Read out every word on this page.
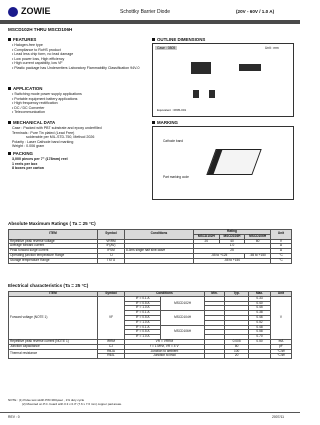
ZOWIE	Schottky Barrier Diode	(20V - 60V / 1.0 A)
MSCD102H THRU MSCD106H
FEATURES
• Halogen-free type
• Compliance to RoHS product
• Lead less chip form, no lead damage
• Low power loss, High efficiency
• High current capability, low VF
• Plastic package has Underwriters Laboratory Flammability Classification 94V-0
APPLICATION
• Switching mode power supply applications
• Portable equipment battery applications
• High frequency rectification
• DC / DC Converter
• Telecommunication
MECHANICAL DATA
Case : Packed with PBT substrate and epoxy underfilled
Terminals : Pure Tin plated (Lead Free)
solderable per MIL-STD-750, Method 2026
Polarity : Laser Cathode band marking
Weight : 0.006 gram
PACKING
3,000 pieces per 7" (178mm) reel
1 reels per box
8 boxes per carton
OUTLINE DIMENSIONS
Case : 0805	Unit : mm
Equivalent : 0805-001
MARKING
Cathode band
Part marking code
Absolute Maximum Ratings ( Ta = 25 °C)
ITEM	Symbol	Conditions	Rating			Unit
			MSCD102H	MSCD104H	MSCD106H	
Repetitive peak reverse voltage	VRRM		20	40	60	V
Average forward current	IF(AV)		1.0			A
Peak forward surge current	IFSM	8.3ms single half sine-wave	25			A
Operating junction temperature Range	TJ		-55 to +125		-55 to +150	°C
Storage temperature Range	TSTG		-55 to +150			°C
Electrical characteristics (Ta = 25 °C)
ITEM	Symbol	Conditions		Min.	Typ.	Max.	Unit
Forward voltage (NOTE 1)	VF	IF = 0.1 A	MSCD102H			0.33	V
		IF = 0.5 A				0.40	
		IF = 1.0 A				0.45	
		IF = 0.1 A	MSCD104H			0.38	
		IF = 0.5 A				0.46	
		IF = 1.0 A				0.52	
		IF = 0.1 A	MSCD106H			0.48	
		IF = 0.5 A				0.58	
		IF = 1.0 A				0.70	
Repetitive peak reverse current (NOTE 1)	IRRM	VR = VRRM			0.005	0.50	mA
Junction capacitance	CJ	f = 1 MHz, VR = 4 V			80		pF
Thermal resistance	RθJA	Junction to ambient			100		°C/W
	RθJL	Junction to lead			20		°C/W
NOTE : (1) Pulse test width PW=300μsec , 1% duty cycle
(2) Mounted on P.C. board with 0.3 x 0.3" (7.6 x 7.6 mm) copper pad areas.
REV : 0	2007/11
